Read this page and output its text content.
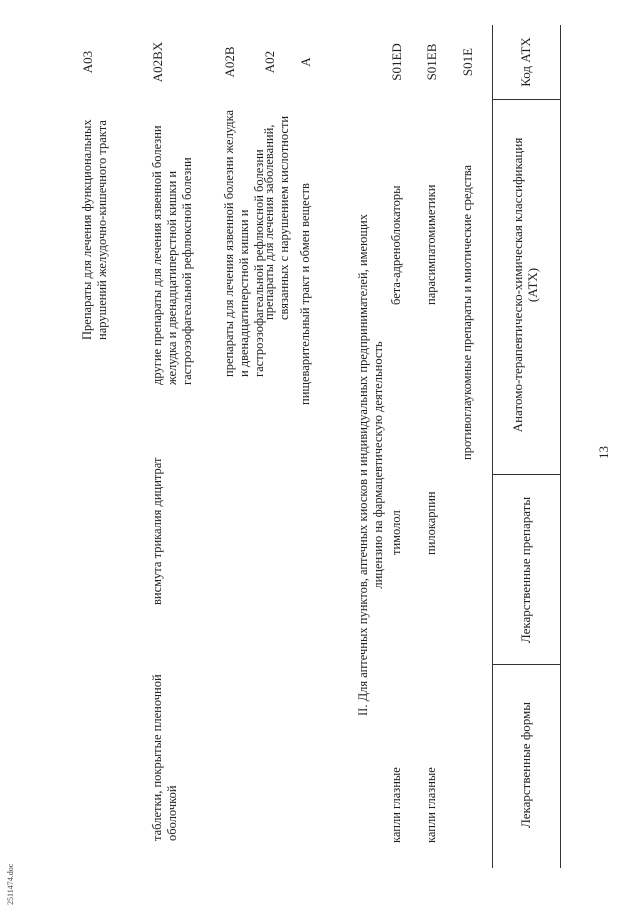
13
Код АТХ
Анатомо-терапевтическо-химическая классификация (АТХ)
Лекарственные препараты
Лекарственные формы
S01E
противоглаукомные препараты и миотические средства
S01EB
парасимпатомиметики
пилокарпин
капли глазные
S01ED
бета-адреноблокаторы
тимолол
капли глазные
II. Для аптечных пунктов, аптечных киосков и индивидуальных предпринимателей, имеющих лицензию на фармацевтическую деятельность
A
пищеварительный тракт и обмен веществ
A02
препараты для лечения заболеваний, связанных с нарушением кислотности
A02B
препараты для лечения язвенной болезни желудка и двенадцатиперстной кишки и гастроэзофагеальной рефлюксной болезни
A02BX
другие препараты для лечения язвенной болезни желудка и двенадцатиперстной кишки и гастроэзофагеальной рефлюксной болезни
висмута трикалия дицитрат
таблетки, покрытые пленочной оболочкой
A03
Препараты для лечения функциональных нарушений желудочно-кишечного тракта
2511474.doc
